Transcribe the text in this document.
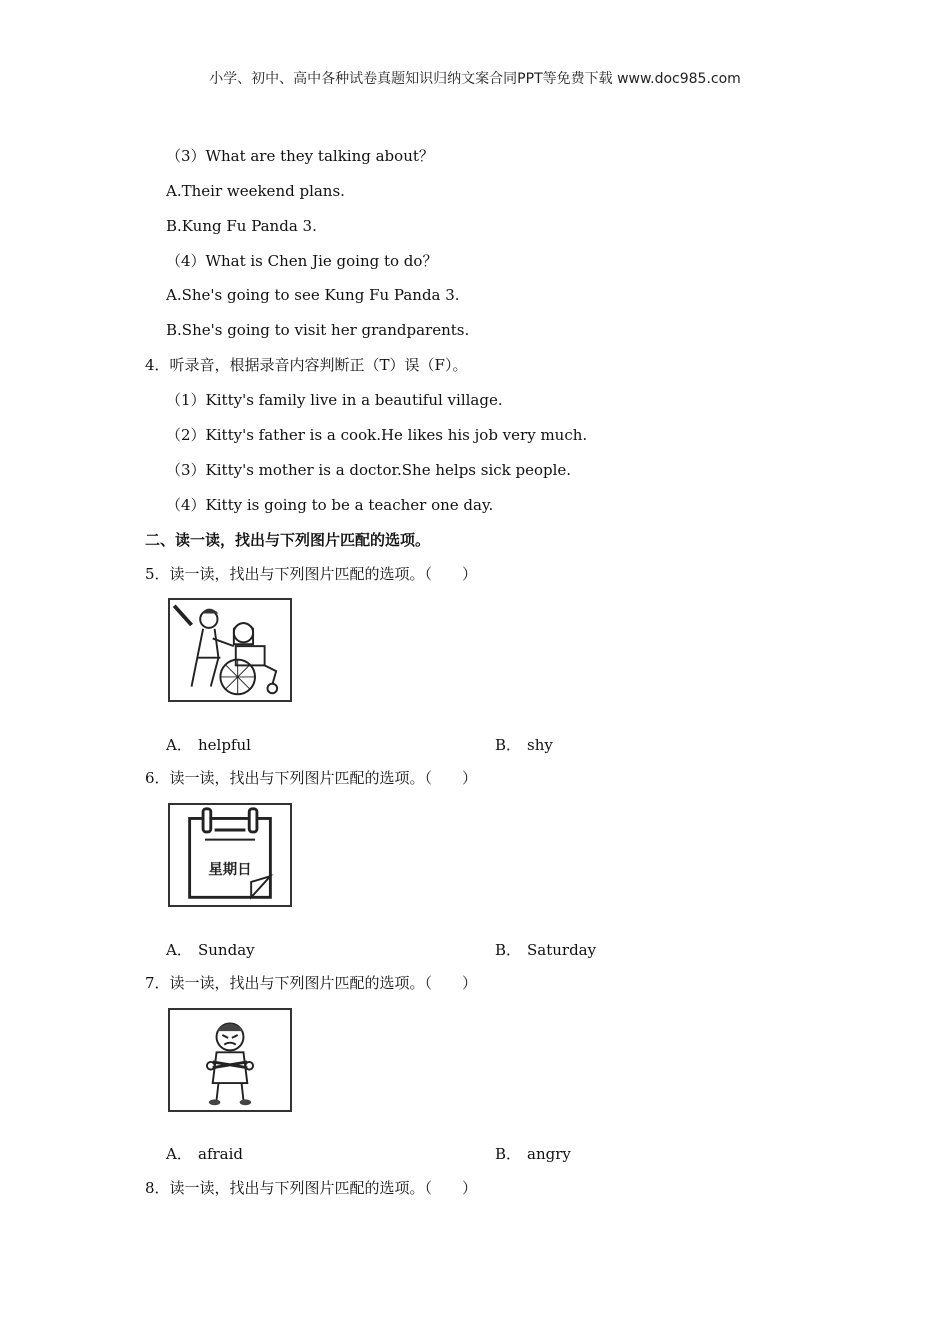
小学、初中、高中各种试卷真题知识归纳文案合同PPT等免费下载 www.doc985.com
（3）What are they talking about？
A.Their weekend plans.
B.Kung Fu Panda 3.
（4）What is Chen Jie going to do？
A.She's going to see Kung Fu Panda 3.
B.She's going to visit her grandparents.
4．听录音，根据录音内容判断正（T）误（F）。
（1）Kitty's family live in a beautiful village.
（2）Kitty's father is a cook.He likes his job very much.
（3）Kitty's mother is a doctor.She helps sick people.
（4）Kitty is going to be a teacher one day.
二、读一读，找出与下列图片匹配的选项。
5．读一读，找出与下列图片匹配的选项。（　　）
A． helpful	B． shy
6．读一读，找出与下列图片匹配的选项。（　　）
星期日
A． Sunday	B． Saturday
7．读一读，找出与下列图片匹配的选项。（　　）
A． afraid	B． angry
8．读一读，找出与下列图片匹配的选项。（　　）
